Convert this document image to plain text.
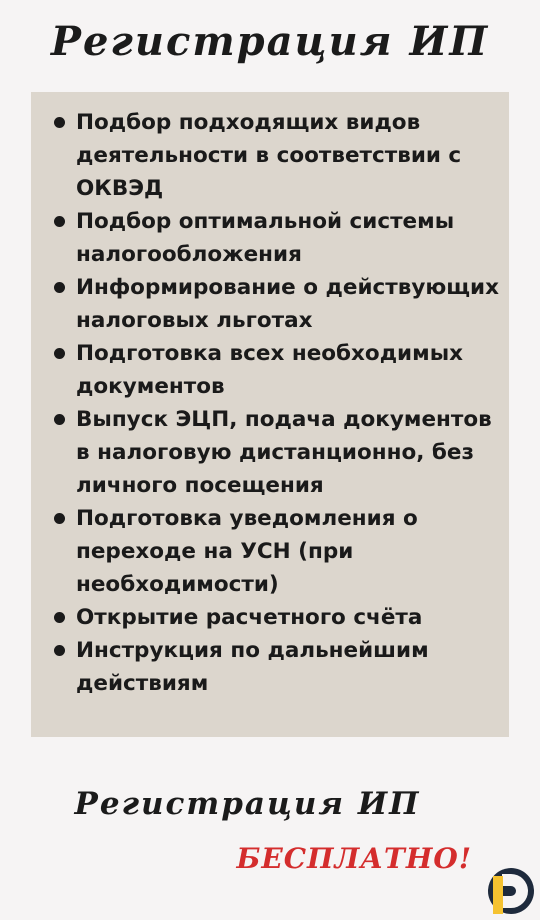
Регистрация ИП
Подбор подходящих видов деятельности в соответствии с ОКВЭД
Подбор оптимальной системы налогообложения
Информирование о действующих налоговых льготах
Подготовка всех необходимых документов
Выпуск ЭЦП, подача документов в налоговую дистанционно, без личного посещения
Подготовка уведомления о переходе на УСН (при необходимости)
Открытие расчетного счёта
Инструкция по дальнейшим действиям
Регистрация ИП

БЕСПЛАТНО!
